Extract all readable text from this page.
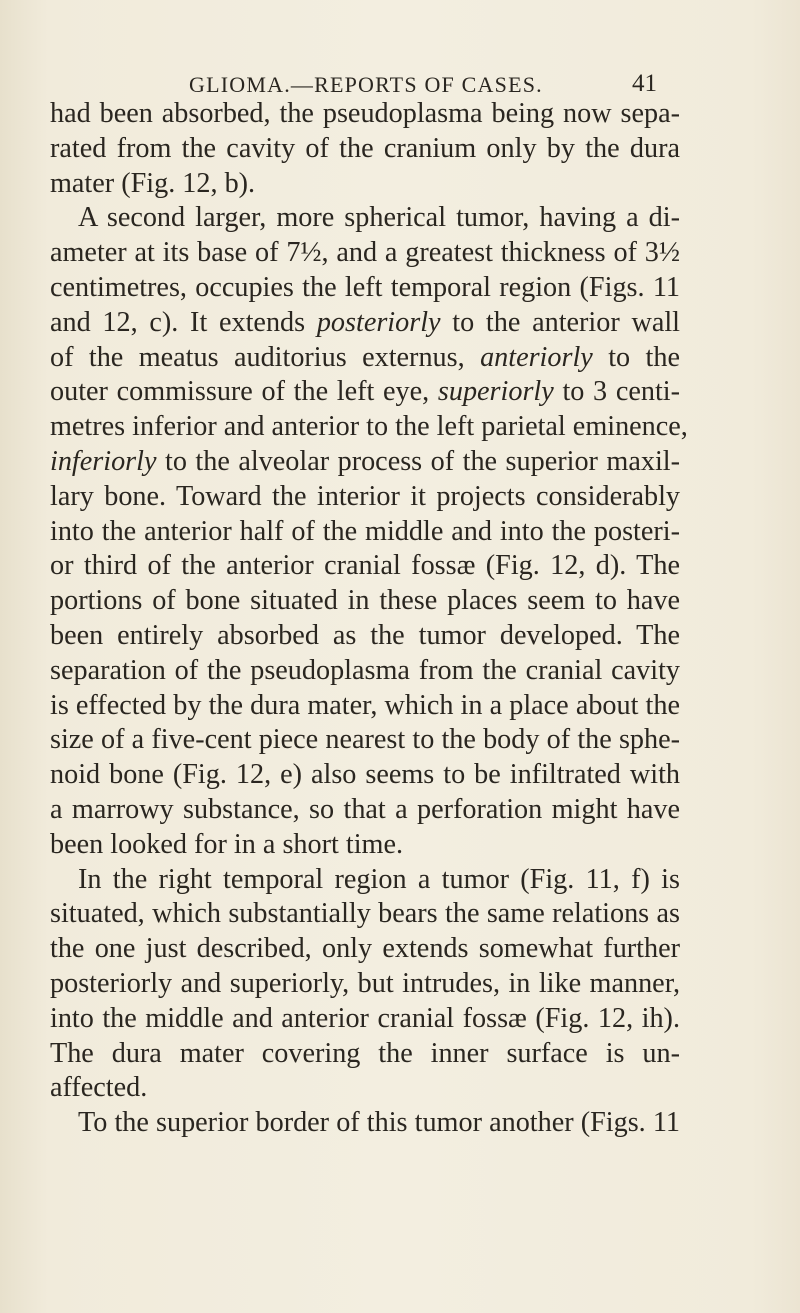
GLIOMA.—REPORTS OF CASES.	41
had been absorbed, the pseudoplasma being now sepa-
rated from the cavity of the cranium only by the dura
mater (Fig. 12, b).
A second larger, more spherical tumor, having a di-
ameter at its base of 7½, and a greatest thickness of 3½
centimetres, occupies the left temporal region (Figs. 11
and 12, c). It extends posteriorly to the anterior wall
of the meatus auditorius externus, anteriorly to the
outer commissure of the left eye, superiorly to 3 centi-
metres inferior and anterior to the left parietal eminence,
inferiorly to the alveolar process of the superior maxil-
lary bone. Toward the interior it projects considerably
into the anterior half of the middle and into the posteri-
or third of the anterior cranial fossæ (Fig. 12, d). The
portions of bone situated in these places seem to have
been entirely absorbed as the tumor developed. The
separation of the pseudoplasma from the cranial cavity
is effected by the dura mater, which in a place about the
size of a five-cent piece nearest to the body of the sphe-
noid bone (Fig. 12, e) also seems to be infiltrated with
a marrowy substance, so that a perforation might have
been looked for in a short time.
In the right temporal region a tumor (Fig. 11, f) is
situated, which substantially bears the same relations as
the one just described, only extends somewhat further
posteriorly and superiorly, but intrudes, in like manner,
into the middle and anterior cranial fossæ (Fig. 12, ih).
The dura mater covering the inner surface is un-
affected.
To the superior border of this tumor another (Figs. 11
